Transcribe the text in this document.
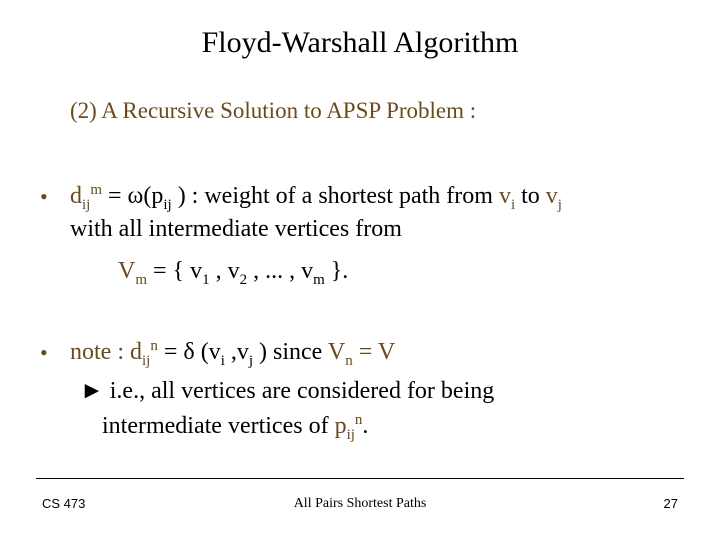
Floyd-Warshall Algorithm
(2) A Recursive Solution to APSP Problem :
• $d_{ij}^m = \omega(p_{ij}$ ) : weight of a shortest path from $v_i$ to $v_j$
with all intermediate vertices from
$V_m$ = { $v_1$ , $v_2$ , ... , $v_m$ }.
• note : $d_{ij}^n = \delta$ ($v_i$ $,v_j$ ) since $V_n = V$
► i.e., all vertices are considered for being
intermediate vertices of $p_{ij}^n$.
CS 473	All Pairs Shortest Paths	27
